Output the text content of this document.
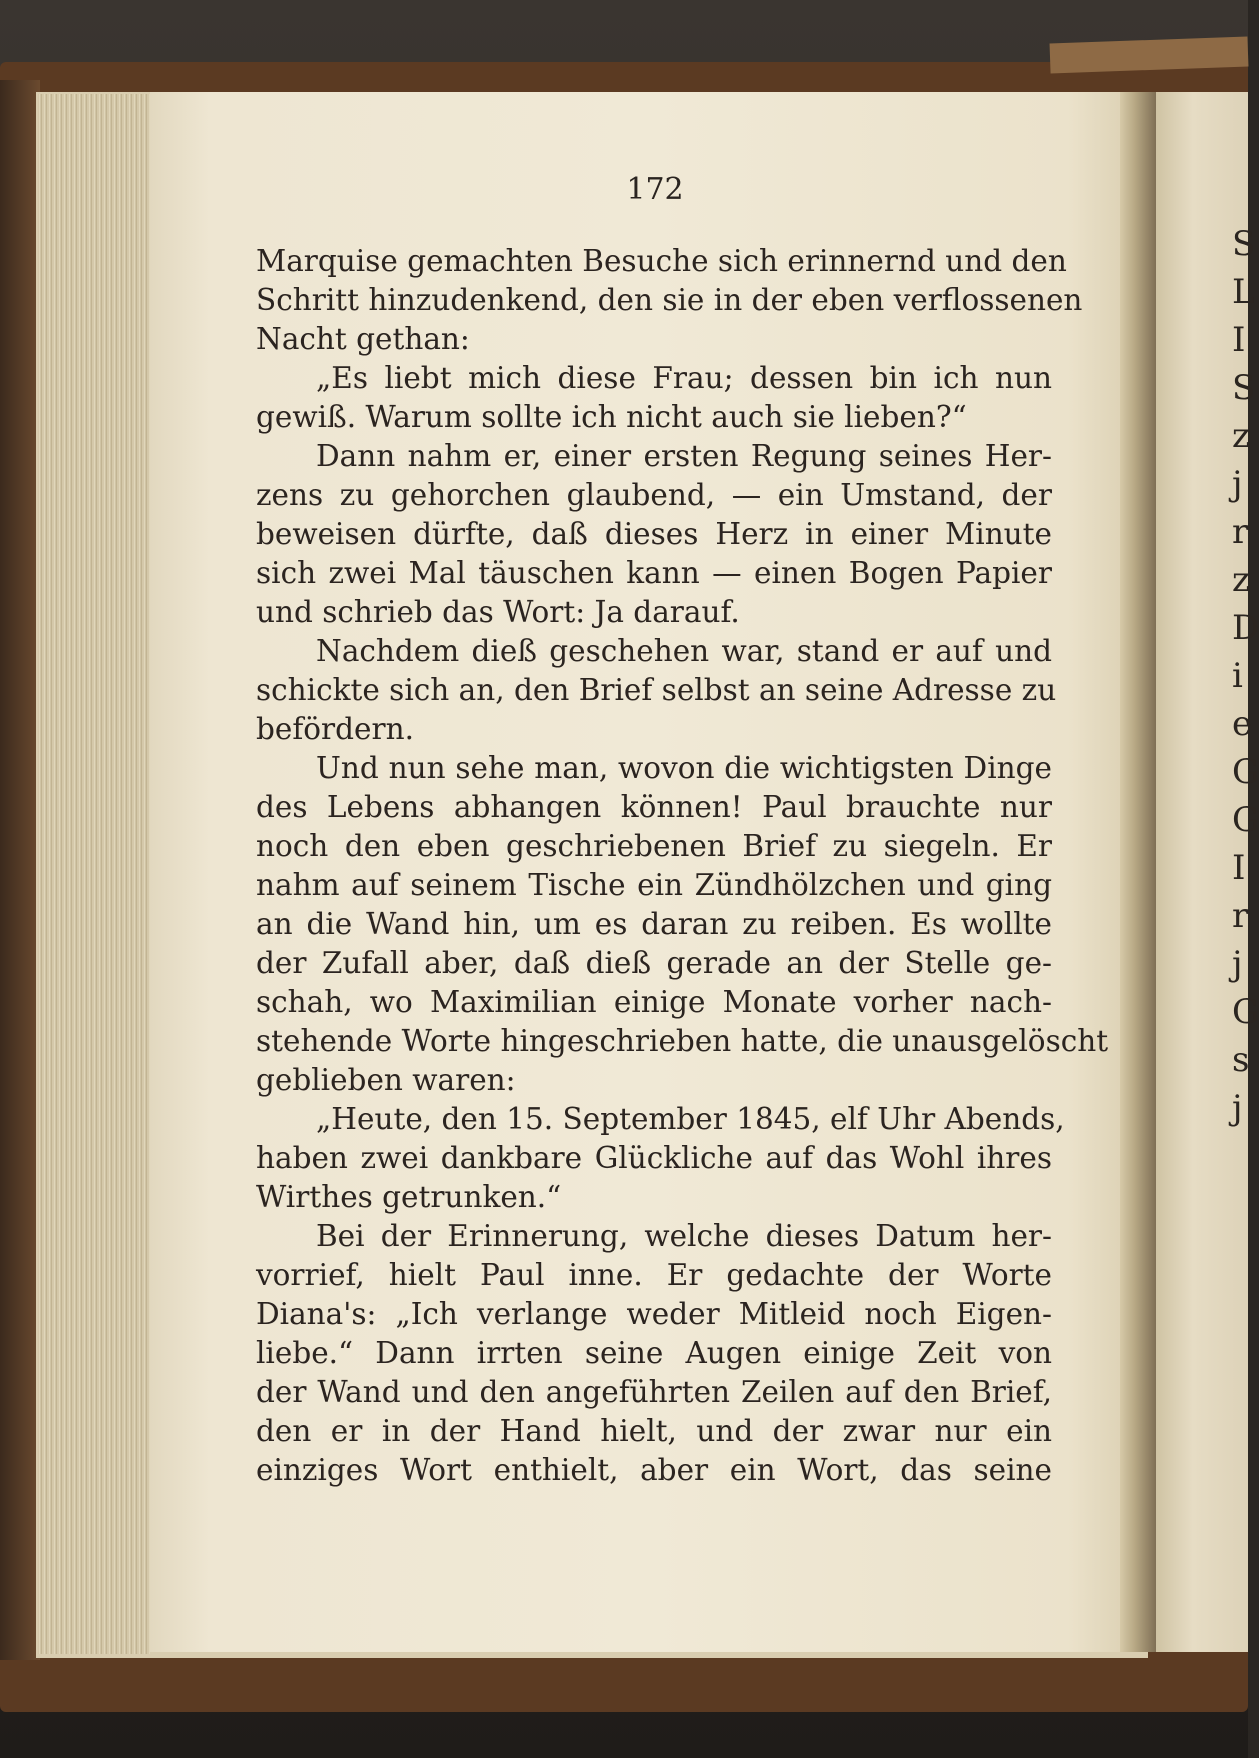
S
L
I
S
z
j
r
z
D
i
e
G
G
I
r
j
G
s
j
172
Marquise gemachten Besuche sich erinnernd und den
Schritt hinzudenkend, den sie in der eben verflossenen
Nacht gethan:
„Es liebt mich diese Frau; dessen bin ich nun
gewiß. Warum sollte ich nicht auch sie lieben?“
Dann nahm er, einer ersten Regung seines Her-
zens zu gehorchen glaubend, — ein Umstand, der
beweisen dürfte, daß dieses Herz in einer Minute
sich zwei Mal täuschen kann — einen Bogen Papier
und schrieb das Wort: Ja darauf.
Nachdem dieß geschehen war, stand er auf und
schickte sich an, den Brief selbst an seine Adresse zu
befördern.
Und nun sehe man, wovon die wichtigsten Dinge
des Lebens abhangen können! Paul brauchte nur
noch den eben geschriebenen Brief zu siegeln. Er
nahm auf seinem Tische ein Zündhölzchen und ging
an die Wand hin, um es daran zu reiben. Es wollte
der Zufall aber, daß dieß gerade an der Stelle ge-
schah, wo Maximilian einige Monate vorher nach-
stehende Worte hingeschrieben hatte, die unausgelöscht
geblieben waren:
„Heute, den 15. September 1845, elf Uhr Abends,
haben zwei dankbare Glückliche auf das Wohl ihres
Wirthes getrunken.“
Bei der Erinnerung, welche dieses Datum her-
vorrief, hielt Paul inne. Er gedachte der Worte
Diana's: „Ich verlange weder Mitleid noch Eigen-
liebe.“ Dann irrten seine Augen einige Zeit von
der Wand und den angeführten Zeilen auf den Brief,
den er in der Hand hielt, und der zwar nur ein
einziges Wort enthielt, aber ein Wort, das seine
